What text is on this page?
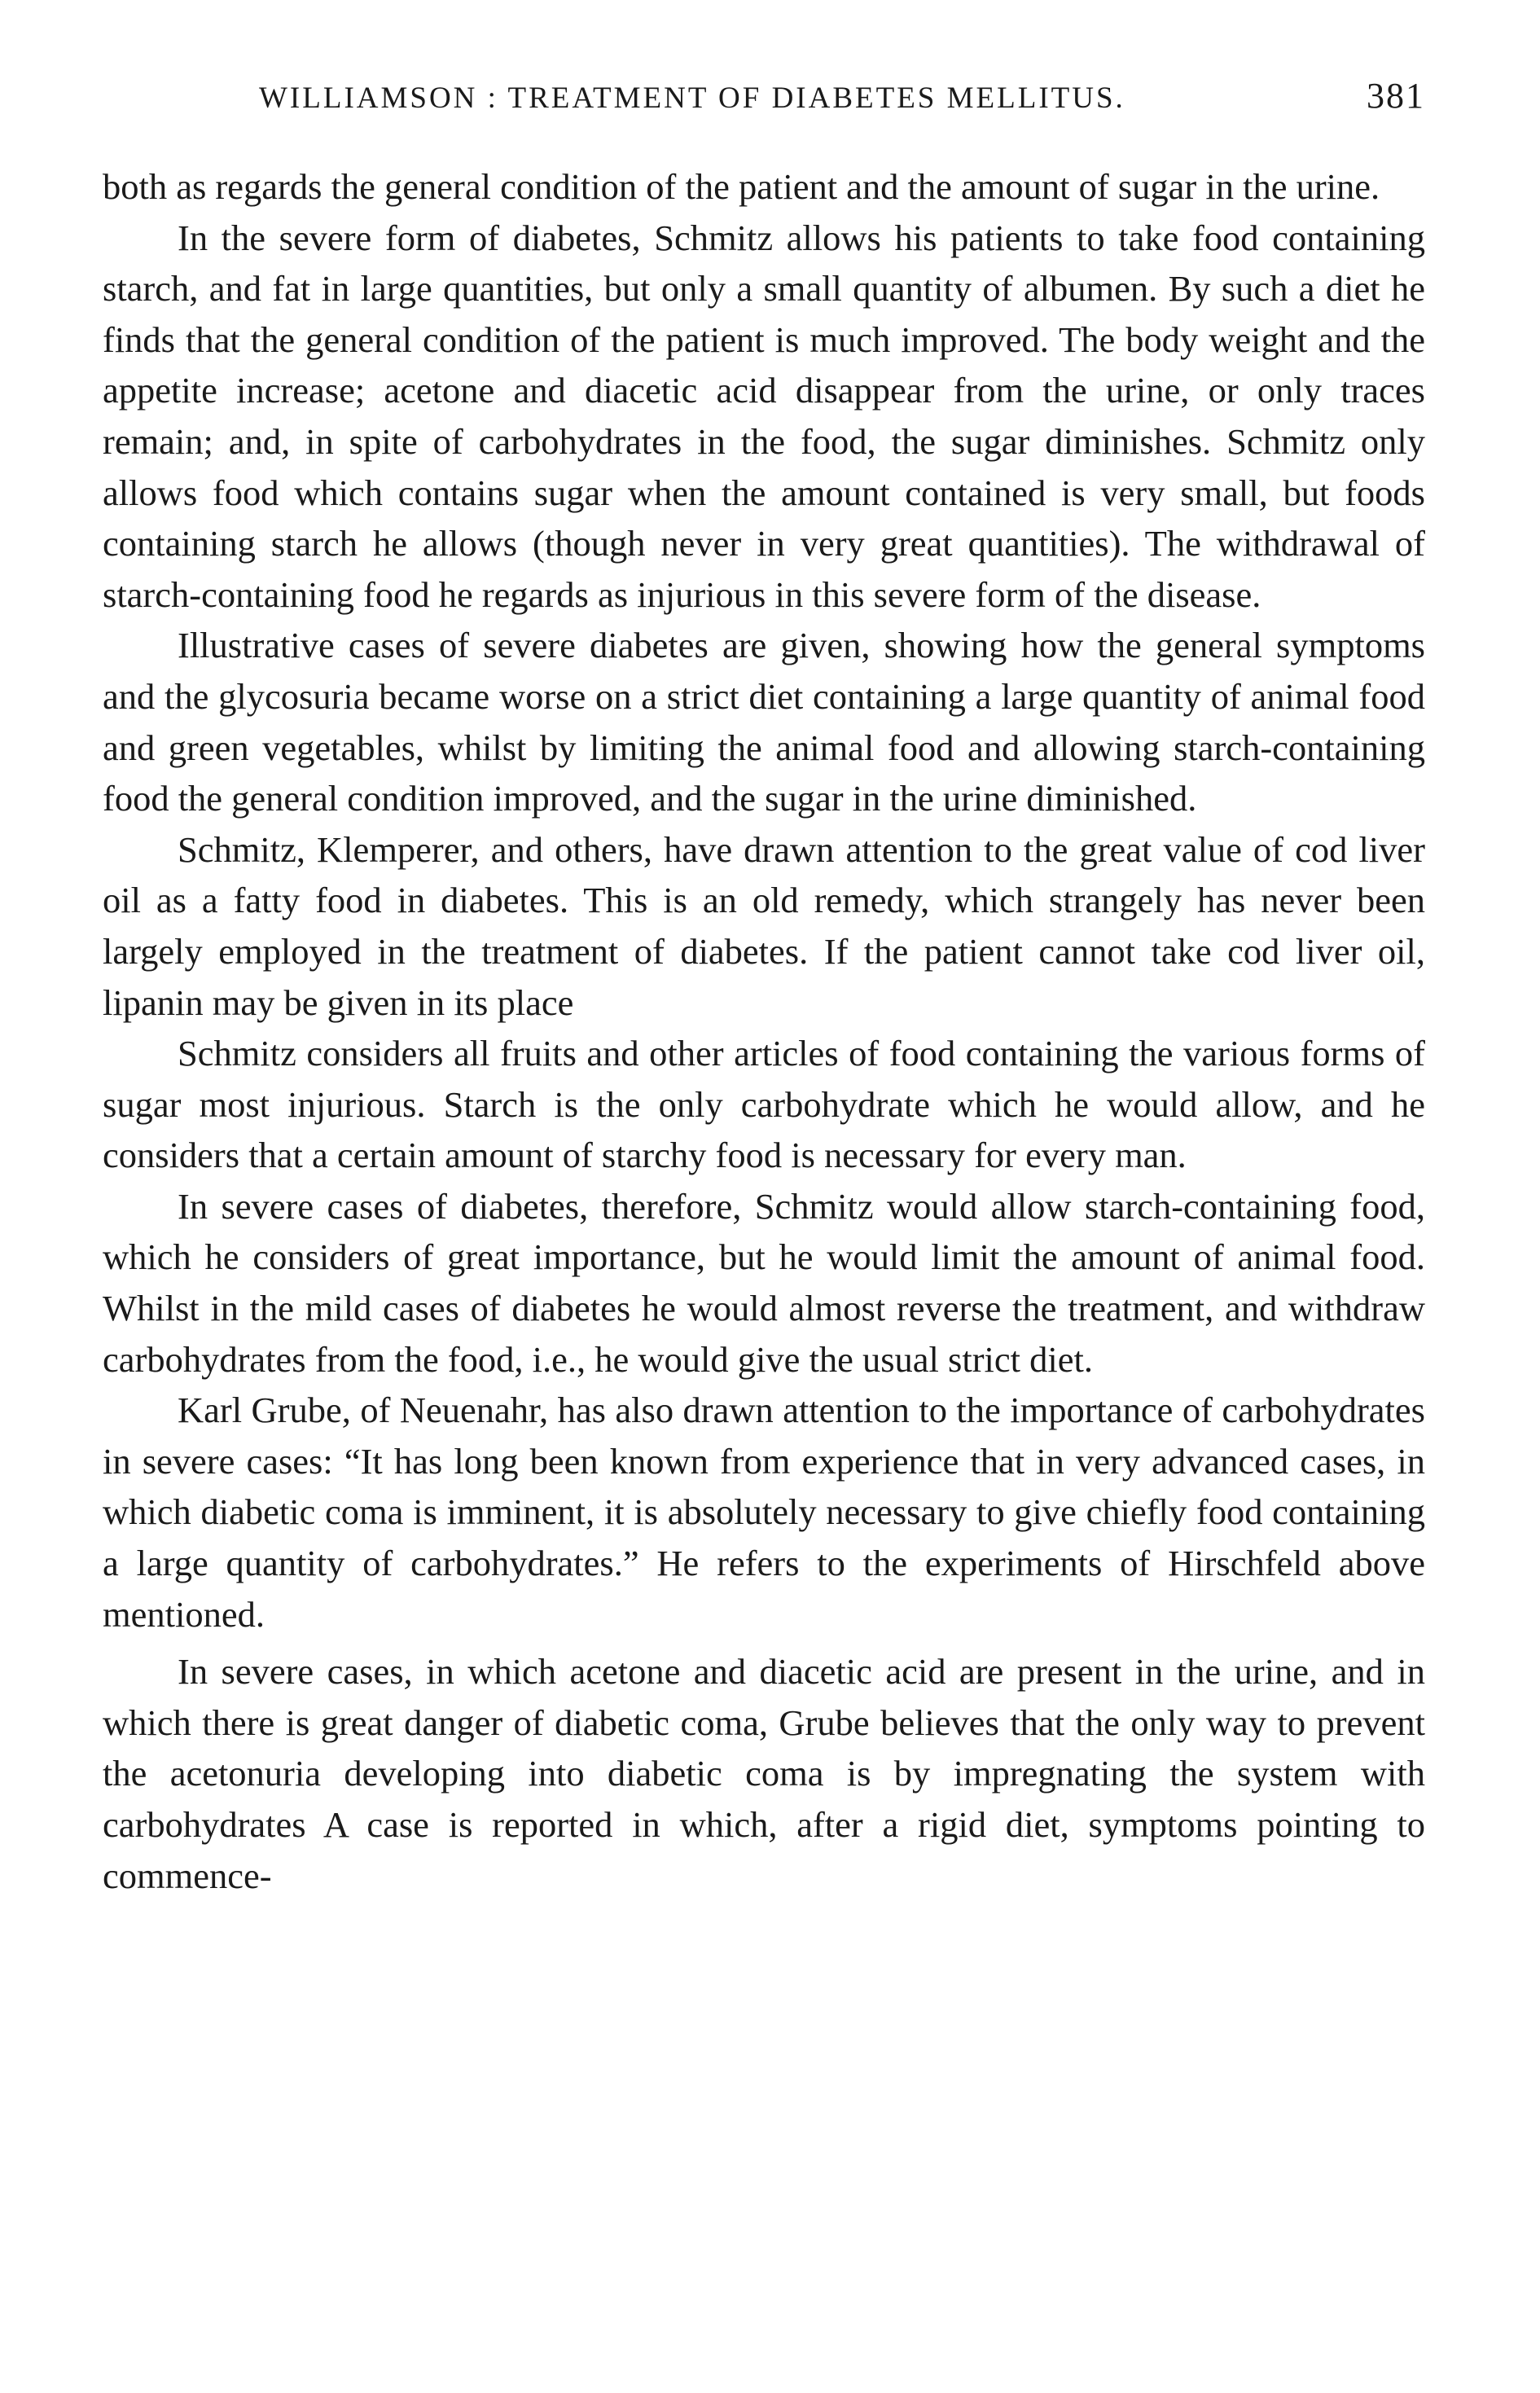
WILLIAMSON : TREATMENT OF DIABETES MELLITUS.	381

both as regards the general condition of the patient and the amount of sugar in the urine.

In the severe form of diabetes, Schmitz allows his patients to take food containing starch, and fat in large quantities, but only a small quantity of albumen. By such a diet he finds that the general condition of the patient is much improved. The body weight and the appetite increase; acetone and diacetic acid disappear from the urine, or only traces remain; and, in spite of carbohydrates in the food, the sugar diminishes. Schmitz only allows food which contains sugar when the amount contained is very small, but foods containing starch he allows (though never in very great quantities). The withdrawal of starch-containing food he regards as injurious in this severe form of the disease.

Illustrative cases of severe diabetes are given, showing how the general symptoms and the glycosuria became worse on a strict diet containing a large quantity of animal food and green vegetables, whilst by limiting the animal food and allowing starch-containing food the general condition improved, and the sugar in the urine diminished.

Schmitz, Klemperer, and others, have drawn attention to the great value of cod liver oil as a fatty food in diabetes. This is an old remedy, which strangely has never been largely employed in the treatment of diabetes. If the patient cannot take cod liver oil, lipanin may be given in its place

Schmitz considers all fruits and other articles of food containing the various forms of sugar most injurious. Starch is the only carbohydrate which he would allow, and he considers that a certain amount of starchy food is necessary for every man.

In severe cases of diabetes, therefore, Schmitz would allow starch-containing food, which he considers of great importance, but he would limit the amount of animal food. Whilst in the mild cases of diabetes he would almost reverse the treatment, and withdraw carbohydrates from the food, i.e., he would give the usual strict diet.

Karl Grube, of Neuenahr, has also drawn attention to the importance of carbohydrates in severe cases: “It has long been known from experience that in very advanced cases, in which diabetic coma is imminent, it is absolutely necessary to give chiefly food containing a large quantity of carbohydrates.” He refers to the experiments of Hirschfeld above mentioned.

In severe cases, in which acetone and diacetic acid are present in the urine, and in which there is great danger of diabetic coma, Grube believes that the only way to prevent the acetonuria developing into diabetic coma is by impregnating the system with carbohydrates A case is reported in which, after a rigid diet, symptoms pointing to commence-
